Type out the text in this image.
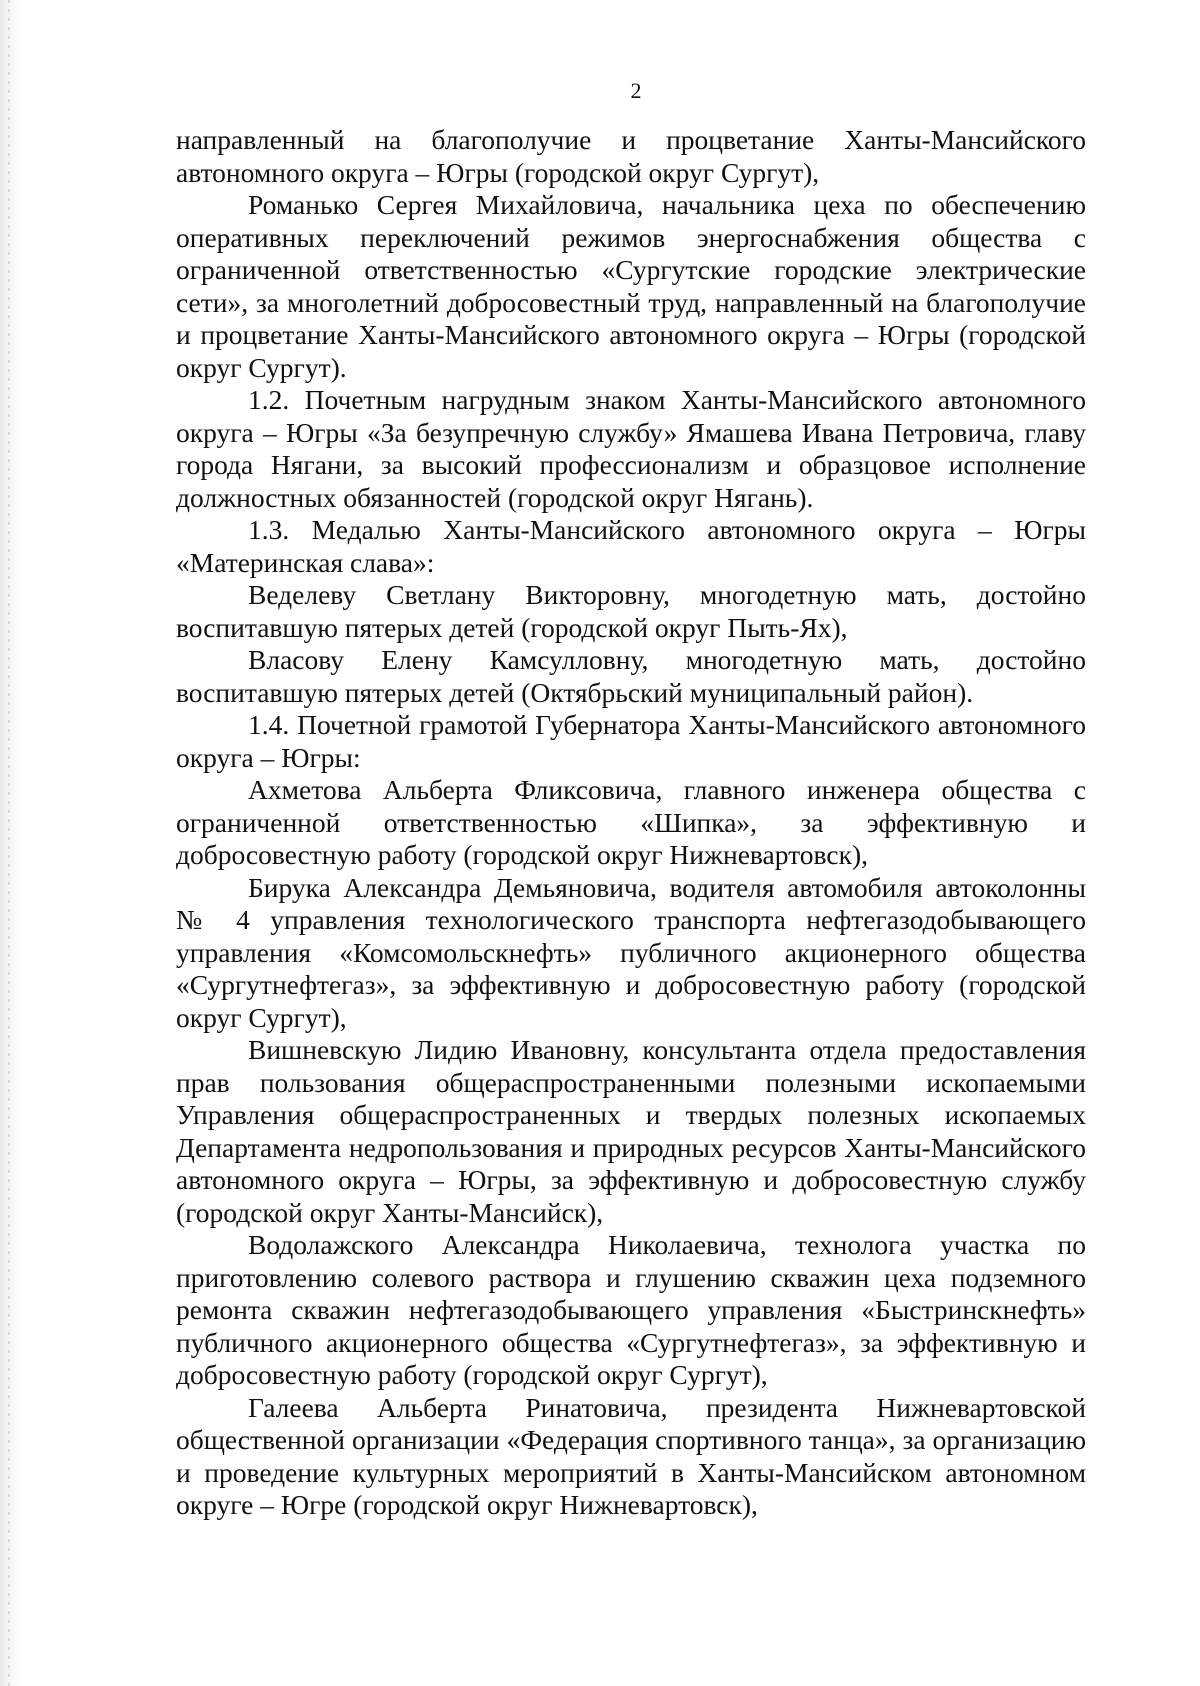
2

направленный на благополучие и процветание Ханты-Мансийского автономного округа – Югры (городской округ Сургут),

Романько Сергея Михайловича, начальника цеха по обеспечению оперативных переключений режимов энергоснабжения общества с ограниченной ответственностью «Сургутские городские электрические сети», за многолетний добросовестный труд, направленный на благополучие и процветание Ханты-Мансийского автономного округа – Югры (городской округ Сургут).

1.2. Почетным нагрудным знаком Ханты-Мансийского автономного округа – Югры «За безупречную службу» Ямашева Ивана Петровича, главу города Нягани, за высокий профессионализм и образцовое исполнение должностных обязанностей (городской округ Нягань).

1.3. Медалью Ханты-Мансийского автономного округа – Югры «Материнская слава»:

Веделеву Светлану Викторовну, многодетную мать, достойно воспитавшую пятерых детей (городской округ Пыть-Ях),

Власову Елену Камсулловну, многодетную мать, достойно воспитавшую пятерых детей (Октябрьский муниципальный район).

1.4. Почетной грамотой Губернатора Ханты-Мансийского автономного округа – Югры:

Ахметова Альберта Фликсовича, главного инженера общества с ограниченной ответственностью «Шипка», за эффективную и добросовестную работу (городской округ Нижневартовск),

Бирука Александра Демьяновича, водителя автомобиля автоколонны № 4 управления технологического транспорта нефтегазодобывающего управления «Комсомольскнефть» публичного акционерного общества «Сургутнефтегаз», за эффективную и добросовестную работу (городской округ Сургут),

Вишневскую Лидию Ивановну, консультанта отдела предоставления прав пользования общераспространенными полезными ископаемыми Управления общераспространенных и твердых полезных ископаемых Департамента недропользования и природных ресурсов Ханты-Мансийского автономного округа – Югры, за эффективную и добросовестную службу (городской округ Ханты-Мансийск),

Водолажского Александра Николаевича, технолога участка по приготовлению солевого раствора и глушению скважин цеха подземного ремонта скважин нефтегазодобывающего управления «Быстринскнефть» публичного акционерного общества «Сургутнефтегаз», за эффективную и добросовестную работу (городской округ Сургут),

Галеева Альберта Ринатовича, президента Нижневартовской общественной организации «Федерация спортивного танца», за организацию и проведение культурных мероприятий в Ханты-Мансийском автономном округе – Югре (городской округ Нижневартовск),
